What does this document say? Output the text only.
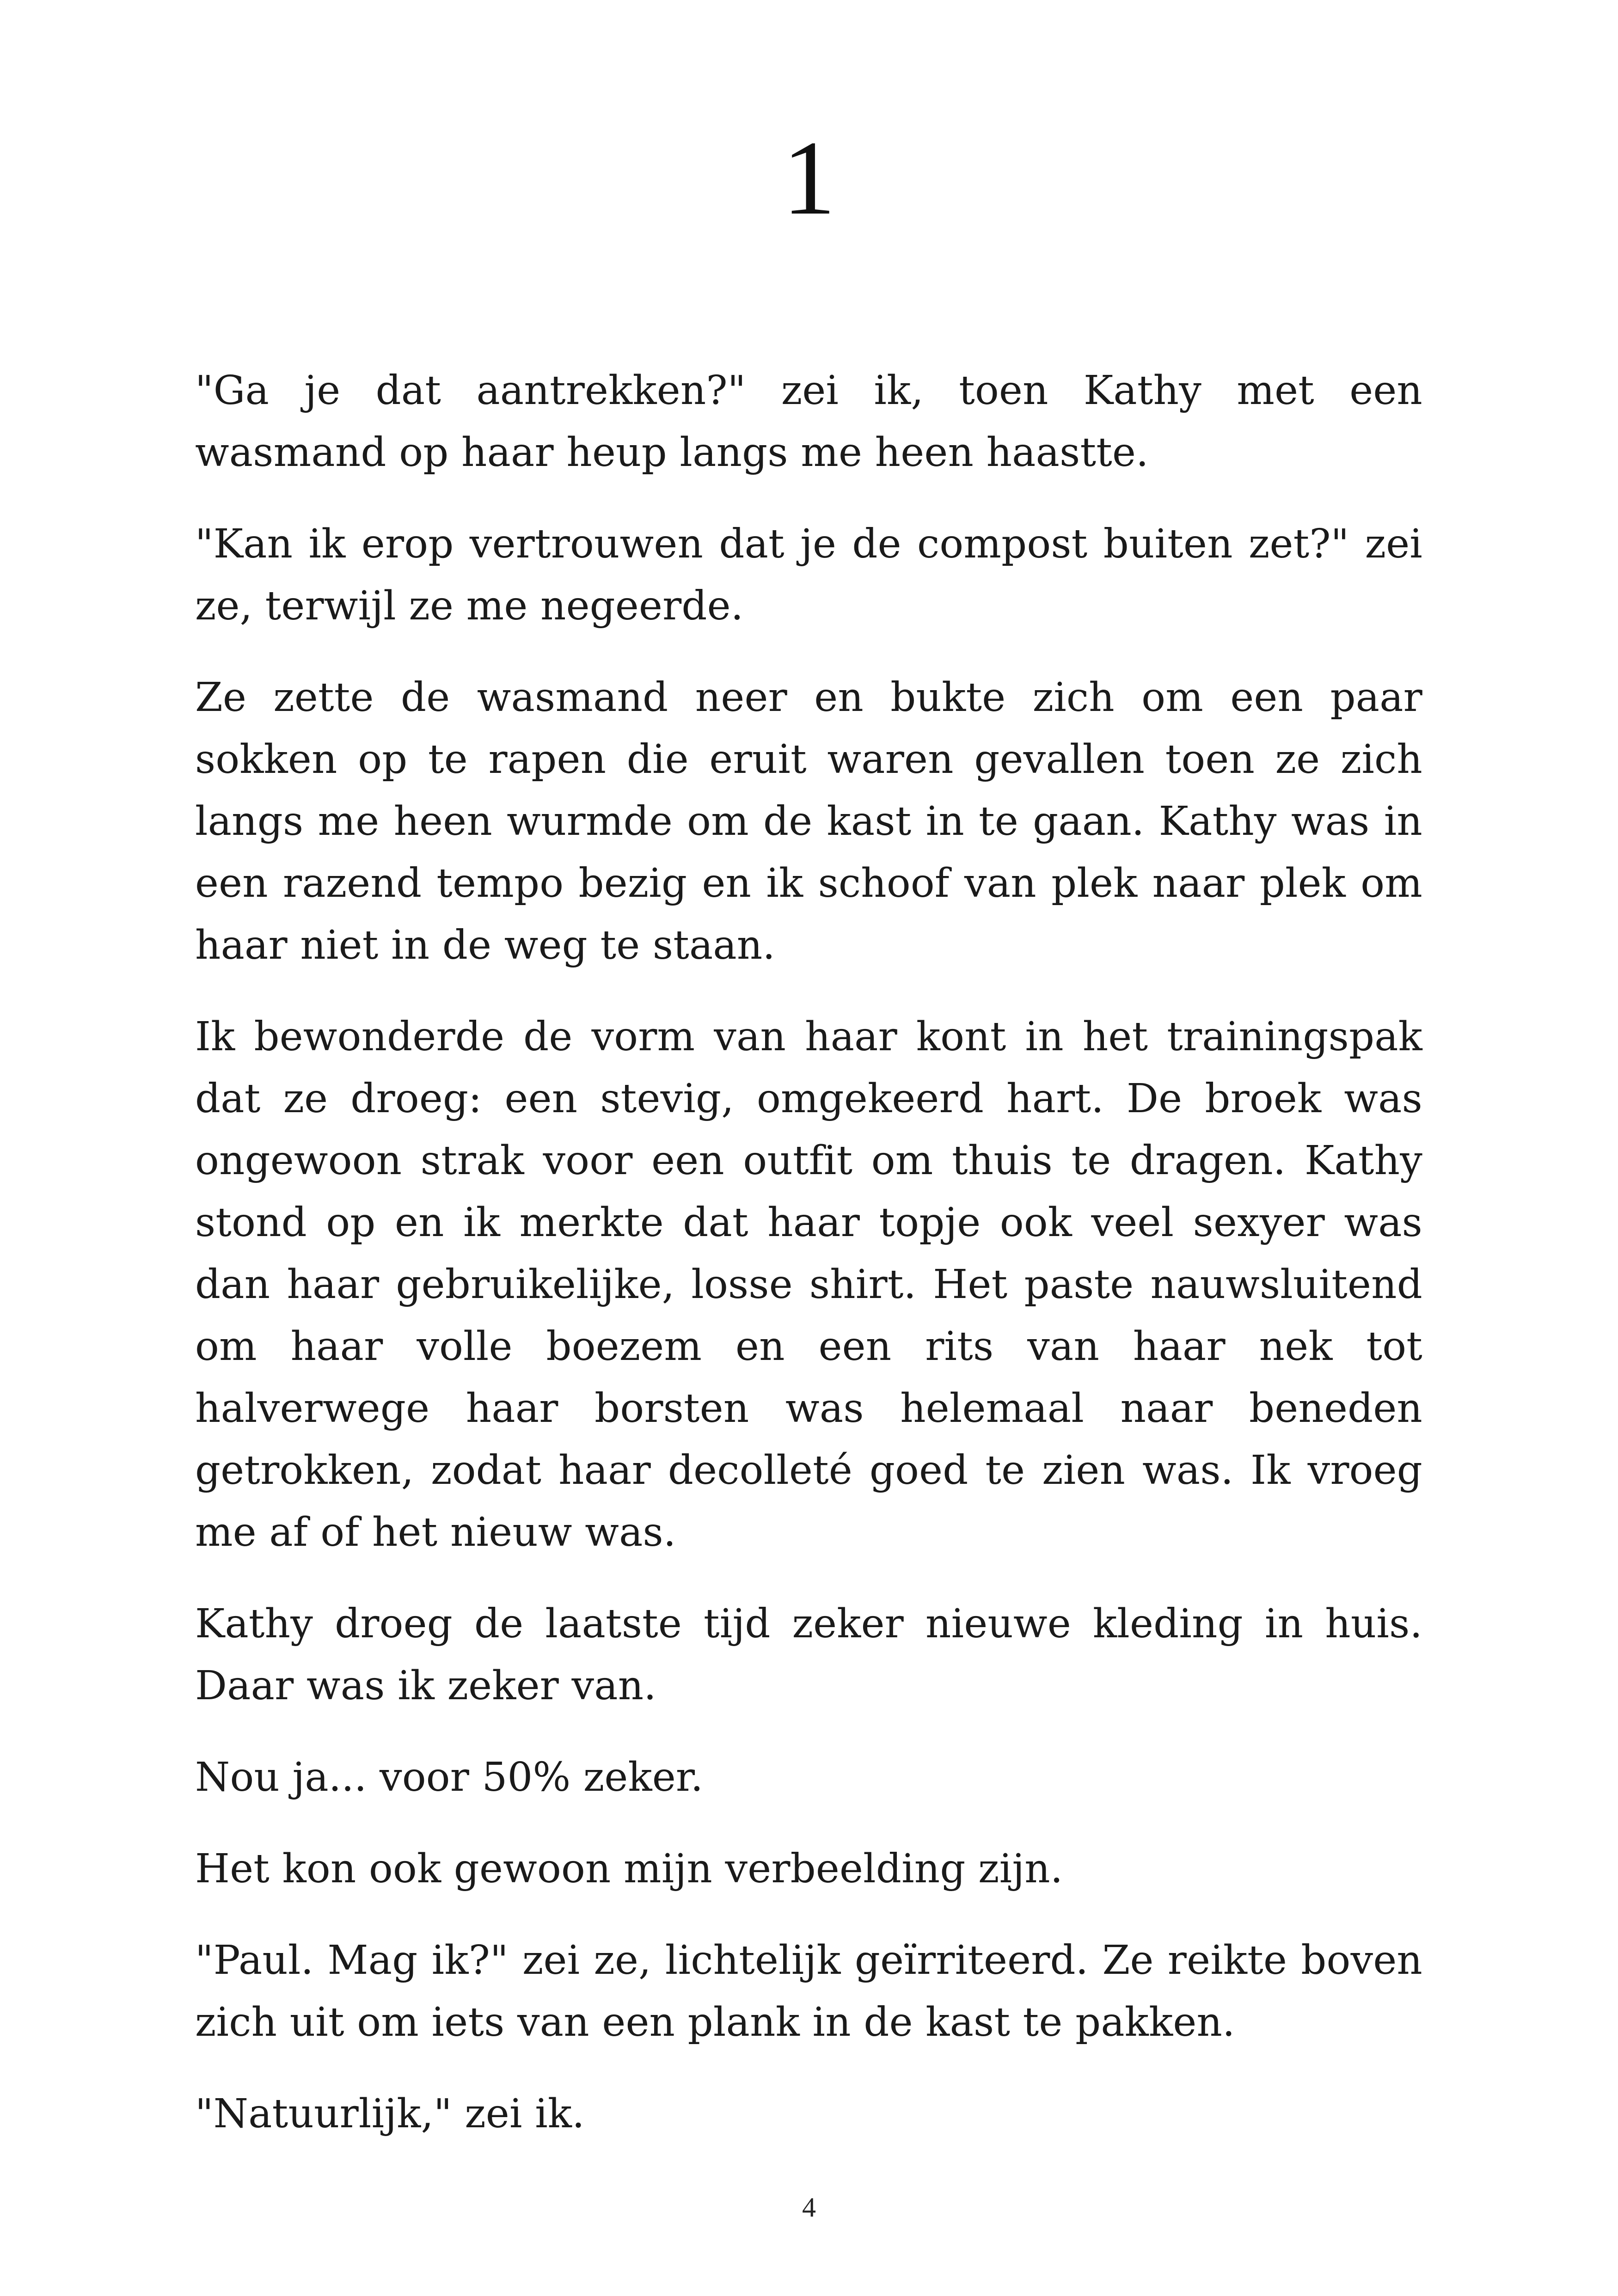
1

"Ga je dat aantrekken?" zei ik, toen Kathy met een wasmand op haar heup langs me heen haastte.

"Kan ik erop vertrouwen dat je de compost buiten zet?" zei ze, terwijl ze me negeerde.

Ze zette de wasmand neer en bukte zich om een paar sokken op te rapen die eruit waren gevallen toen ze zich langs me heen wurmde om de kast in te gaan. Kathy was in een razend tempo bezig en ik schoof van plek naar plek om haar niet in de weg te staan.

Ik bewonderde de vorm van haar kont in het trainingspak dat ze droeg: een stevig, omgekeerd hart. De broek was ongewoon strak voor een outfit om thuis te dragen. Kathy stond op en ik merkte dat haar topje ook veel sexyer was dan haar gebruikelijke, losse shirt. Het paste nauwsluitend om haar volle boezem en een rits van haar nek tot halverwege haar borsten was helemaal naar beneden getrokken, zodat haar decolleté goed te zien was. Ik vroeg me af of het nieuw was.

Kathy droeg de laatste tijd zeker nieuwe kleding in huis. Daar was ik zeker van.

Nou ja... voor 50% zeker.

Het kon ook gewoon mijn verbeelding zijn.

"Paul. Mag ik?" zei ze, lichtelijk geïrriteerd. Ze reikte boven zich uit om iets van een plank in de kast te pakken.

"Natuurlijk," zei ik.

4
